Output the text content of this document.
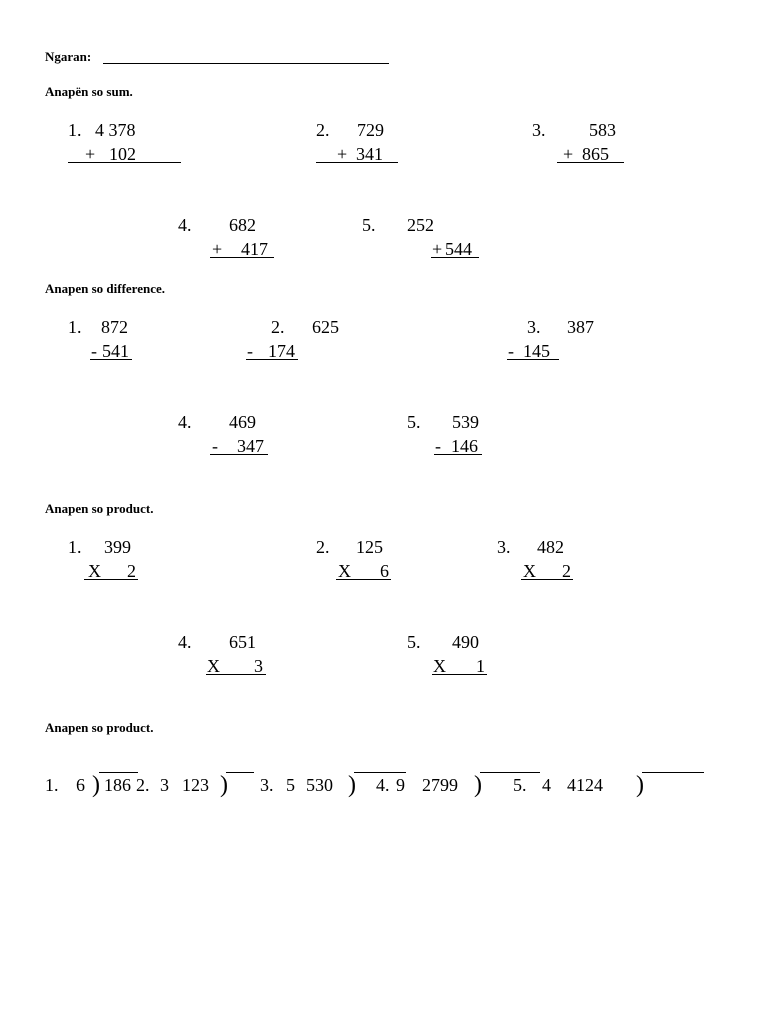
Ngaran:
Anapën so sum.
1. 4 378
+ 102
2. 729
+ 341
3. 583
+ 865
4. 682
+ 417
5. 252
+ 544
Anapen so difference.
1. 872
- 541
2. 625
- 174
3. 387
- 145
4. 469
- 347
5. 539
- 146
Anapen so product.
1. 399
X 2
2. 125
X 6
3. 482
X 2
4. 651
X 3
5. 490
X 1
Anapen so product.
1. 6 ) 186 2. 3 123 ) 3. 5 530 ) 4. 9 2799 ) 5. 4 4124 )
